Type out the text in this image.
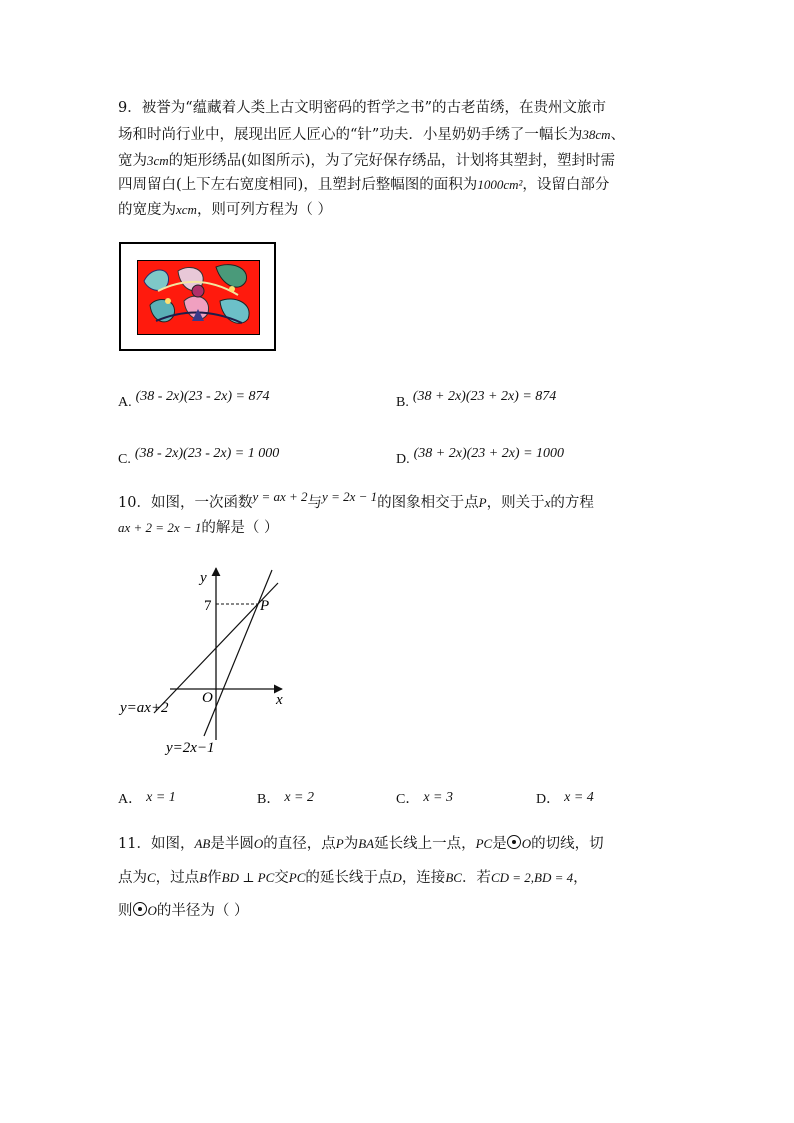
9．被誉为“蕴藏着人类上古文明密码的哲学之书”的古老苗绣，在贵州文旅市
场和时尚行业中，展现出匠人匠心的“针”功夫．小星奶奶手绣了一幅长为38cm、
宽为3cm的矩形绣品(如图所示)，为了完好保存绣品，计划将其塑封，塑封时需
四周留白(上下左右宽度相同)，且塑封后整幅图的面积为1000cm²，设留白部分
的宽度为xcm，则可列方程为（ ）
A. (38 - 2x)(23 - 2x) = 874	B. (38 + 2x)(23 + 2x) = 874
C. (38 - 2x)(23 - 2x) = 1 000	D. (38 + 2x)(23 + 2x) = 1000
10．如图，一次函数y = ax + 2与y = 2x − 1的图象相交于点P，则关于x的方程
ax + 2 = 2x − 1的解是（ ）
y
x
O
7	P
y=ax+2
y=2x−1
A． x = 1	B． x = 2	C． x = 3	D． x = 4
11．如图，AB是半圆O的直径，点P为BA延长线上一点，PC是 O的切线，切
点为C，过点B作BD ⊥ PC交PC的延长线于点D，连接BC．若CD = 2,BD = 4，
则 O的半径为（ ）
